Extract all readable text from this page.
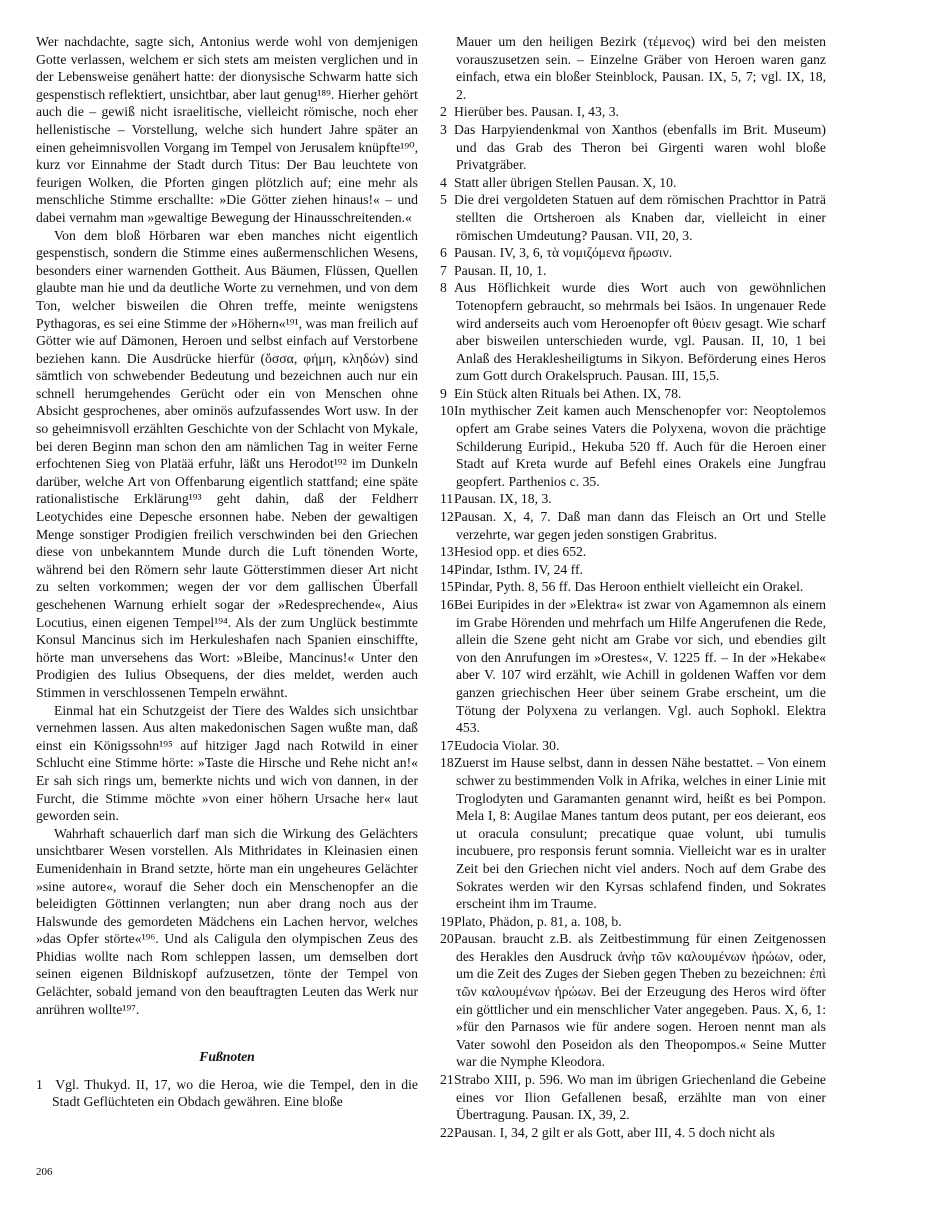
Wer nachdachte, sagte sich, Antonius werde wohl von demjenigen Gotte verlassen, welchem er sich stets am meisten verglichen und in der Lebensweise genähert hatte: der dionysische Schwarm hatte sich gespenstisch reflektiert, unsichtbar, aber laut genug¹⁸⁹. Hierher gehört auch die – gewiß nicht israelitische, vielleicht römische, noch eher hellenistische – Vorstellung, welche sich hundert Jahre später an einen geheimnisvollen Vorgang im Tempel von Jerusalem knüpfte¹⁹⁰, kurz vor Einnahme der Stadt durch Titus: Der Bau leuchtete von feurigen Wolken, die Pforten gingen plötzlich auf; eine mehr als menschliche Stimme erschallte: »Die Götter ziehen hinaus!« – und dabei vernahm man »gewaltige Bewegung der Hinausschreitenden.«

Von dem bloß Hörbaren war eben manches nicht eigentlich gespenstisch, sondern die Stimme eines außermenschlichen Wesens, besonders einer warnenden Gottheit. Aus Bäumen, Flüssen, Quellen glaubte man hie und da deutliche Worte zu vernehmen, und von dem Ton, welcher bisweilen die Ohren treffe, meinte wenigstens Pythagoras, es sei eine Stimme der »Höhern«¹⁹¹, was man freilich auf Götter wie auf Dämonen, Heroen und selbst einfach auf Verstorbene beziehen kann. Die Ausdrücke hierfür (ὄσσα, φήμη, κληδών) sind sämtlich von schwebender Bedeutung und bezeichnen auch nur ein schnell herumgehendes Gerücht oder ein von Menschen ohne Absicht gesprochenes, aber ominös aufzufassendes Wort usw. In der so geheimnisvoll erzählten Geschichte von der Schlacht von Mykale, bei deren Beginn man schon den am nämlichen Tag in weiter Ferne erfochtenen Sieg von Platää erfuhr, läßt uns Herodot¹⁹² im Dunkeln darüber, welche Art von Offenbarung eigentlich stattfand; eine späte rationalistische Erklärung¹⁹³ geht dahin, daß der Feldherr Leotychides eine Depesche ersonnen habe. Neben der gewaltigen Menge sonstiger Prodigien freilich verschwinden bei den Griechen diese von unbekanntem Munde durch die Luft tönenden Worte, während bei den Römern sehr laute Götterstimmen dieser Art nicht zu selten vorkommen; wegen der vor dem gallischen Überfall geschehenen Warnung erhielt sogar der »Redesprechende«, Aius Locutius, einen eigenen Tempel¹⁹⁴. Als der zum Unglück bestimmte Konsul Mancinus sich im Herkuleshafen nach Spanien einschiffte, hörte man unversehens das Wort: »Bleibe, Mancinus!« Unter den Prodigien des Iulius Obsequens, der dies meldet, werden auch Stimmen in verschlossenen Tempeln erwähnt.

Einmal hat ein Schutzgeist der Tiere des Waldes sich unsichtbar vernehmen lassen. Aus alten makedonischen Sagen wußte man, daß einst ein Königssohn¹⁹⁵ auf hitziger Jagd nach Rotwild in einer Schlucht eine Stimme hörte: »Taste die Hirsche und Rehe nicht an!« Er sah sich rings um, bemerkte nichts und wich von dannen, in der Furcht, die Stimme möchte »von einer höhern Ursache her« laut geworden sein.

Wahrhaft schauerlich darf man sich die Wirkung des Gelächters unsichtbarer Wesen vorstellen. Als Mithridates in Kleinasien einen Eumenidenhain in Brand setzte, hörte man ein ungeheures Gelächter »sine autore«, worauf die Seher doch ein Menschenopfer an die beleidigten Göttinnen verlangten; nun aber drang noch aus der Halswunde des gemordeten Mädchens ein Lachen hervor, welches »das Opfer störte«¹⁹⁶. Und als Caligula den olympischen Zeus des Phidias wollte nach Rom schleppen lassen, um demselben dort seinen eigenen Bildniskopf aufzusetzen, tönte der Tempel von Gelächter, sobald jemand von den beauftragten Leuten das Werk nur anrühren wollte¹⁹⁷.

Fußnoten
1 Vgl. Thukyd. II, 17, wo die Heroa, wie die Tempel, den in die Stadt Geflüchteten ein Obdach gewähren. Eine bloße
Mauer um den heiligen Bezirk (τέμενος) wird bei den meisten vorauszusetzen sein. – Einzelne Gräber von Heroen waren ganz einfach, etwa ein bloßer Steinblock, Pausan. IX, 5, 7; vgl. IX, 18, 2.
2 Hierüber bes. Pausan. I, 43, 3.
3 Das Harpyiendenkmal von Xanthos (ebenfalls im Brit. Museum) und das Grab des Theron bei Girgenti waren wohl bloße Privatgräber.
4 Statt aller übrigen Stellen Pausan. X, 10.
5 Die drei vergoldeten Statuen auf dem römischen Prachttor in Paträ stellten die Ortsheroen als Knaben dar, vielleicht in einer römischen Umdeutung? Pausan. VII, 20, 3.
6 Pausan. IV, 3, 6, τὰ νομιζόμενα ἥρωσιν.
7 Pausan. II, 10, 1.
8 Aus Höflichkeit wurde dies Wort auch von gewöhnlichen Totenopfern gebraucht, so mehrmals bei Isäos. In ungenauer Rede wird anderseits auch vom Heroenopfer oft θύειν gesagt. Wie scharf aber bisweilen unterschieden wurde, vgl. Pausan. II, 10, 1 bei Anlaß des Heraklesheiligtums in Sikyon. Beförderung eines Heros zum Gott durch Orakelspruch. Pausan. III, 15,5.
9 Ein Stück alten Rituals bei Athen. IX, 78.
10In mythischer Zeit kamen auch Menschenopfer vor: Neoptolemos opfert am Grabe seines Vaters die Polyxena, wovon die prächtige Schilderung Euripid., Hekuba 520 ff. Auch für die Heroen einer Stadt auf Kreta wurde auf Befehl eines Orakels eine Jungfrau geopfert. Parthenios c. 35.
11Pausan. IX, 18, 3.
12Pausan. X, 4, 7. Daß man dann das Fleisch an Ort und Stelle verzehrte, war gegen jeden sonstigen Grabritus.
13Hesiod opp. et dies 652.
14Pindar, Isthm. IV, 24 ff.
15Pindar, Pyth. 8, 56 ff. Das Heroon enthielt vielleicht ein Orakel.
16Bei Euripides in der »Elektra« ist zwar von Agamemnon als einem im Grabe Hörenden und mehrfach um Hilfe Angerufenen die Rede, allein die Szene geht nicht am Grabe vor sich, und ebendies gilt von den Anrufungen im »Orestes«, V. 1225 ff. – In der »Hekabe« aber V. 107 wird erzählt, wie Achill in goldenen Waffen vor dem ganzen griechischen Heer über seinem Grabe erscheint, um die Tötung der Polyxena zu verlangen. Vgl. auch Sophokl. Elektra 453.
17Eudocia Violar. 30.
18Zuerst im Hause selbst, dann in dessen Nähe bestattet. – Von einem schwer zu bestimmenden Volk in Afrika, welches in einer Linie mit Troglodyten und Garamanten genannt wird, heißt es bei Pompon. Mela I, 8: Augilae Manes tantum deos putant, per eos deierant, eos ut oracula consulunt; precatique quae volunt, ubi tumulis incubuere, pro responsis ferunt somnia. Vielleicht war es in uralter Zeit bei den Griechen nicht viel anders. Noch auf dem Grabe des Sokrates werden wir den Kyrsas schlafend finden, und Sokrates erscheint ihm im Traume.
19Plato, Phädon, p. 81, a. 108, b.
20Pausan. braucht z.B. als Zeitbestimmung für einen Zeitgenossen des Herakles den Ausdruck ἀνὴρ τῶν καλουμένων ἡρώων, oder, um die Zeit des Zuges der Sieben gegen Theben zu bezeichnen: ἐπὶ τῶν καλουμένων ἡρώων. Bei der Erzeugung des Heros wird öfter ein göttlicher und ein menschlicher Vater angegeben. Paus. X, 6, 1: »für den Parnasos wie für andere sogen. Heroen nennt man als Vater sowohl den Poseidon als den Theopompos.« Seine Mutter war die Nymphe Kleodora.
21Strabo XIII, p. 596. Wo man im übrigen Griechenland die Gebeine eines vor Ilion Gefallenen besaß, erzählte man von einer Übertragung. Pausan. IX, 39, 2.
22Pausan. I, 34, 2 gilt er als Gott, aber III, 4. 5 doch nicht als
206
